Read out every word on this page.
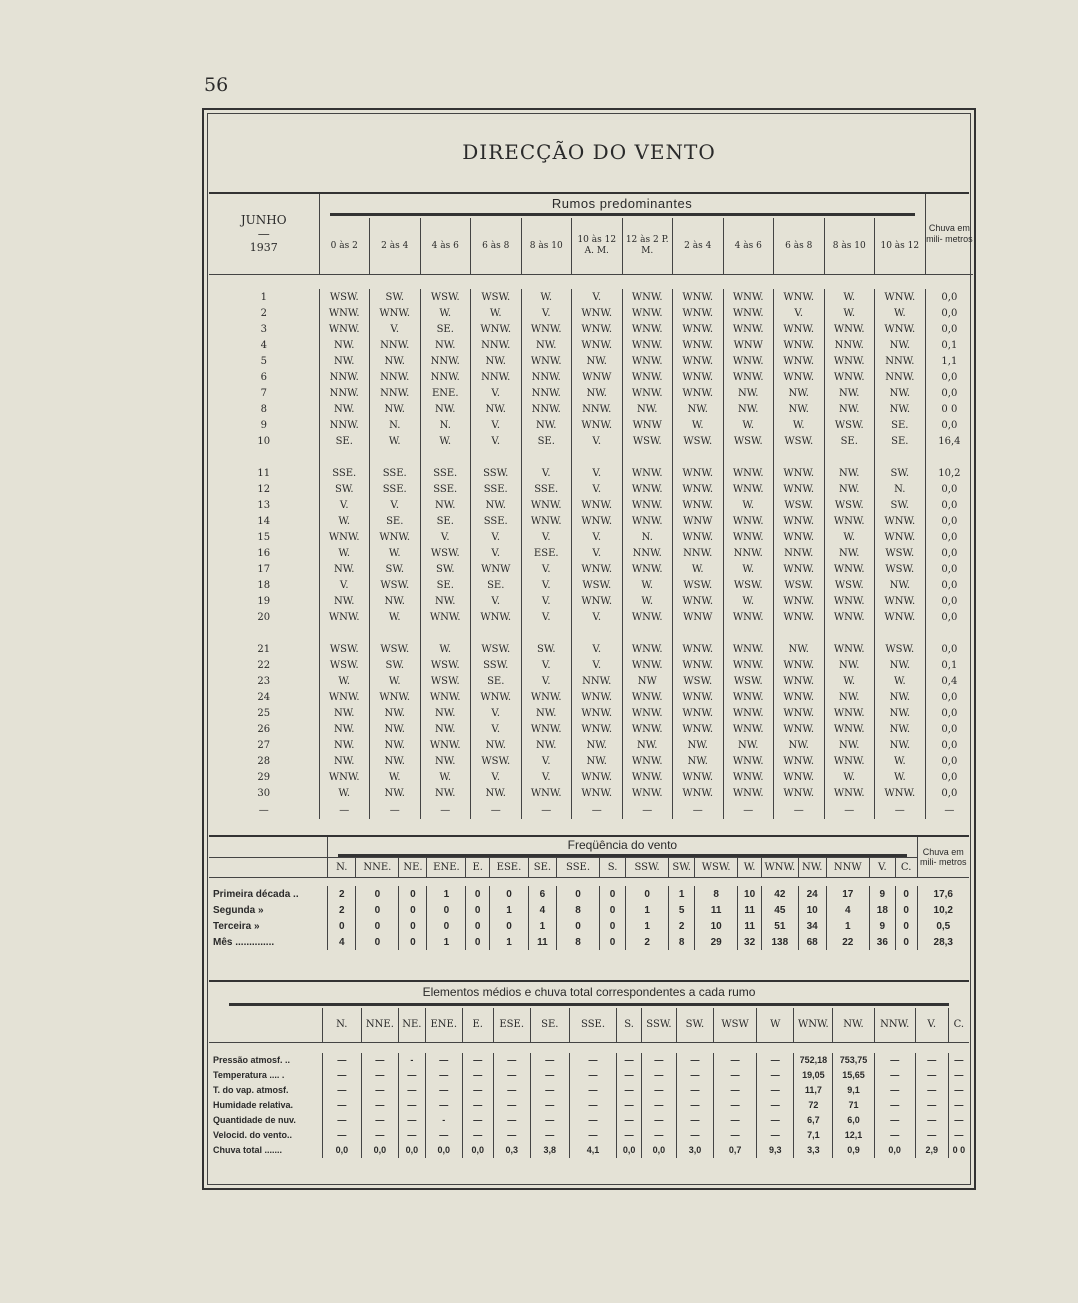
56
DIRECÇÃO DO VENTO
JUNHO
—
1937	Rumos predominantes												Chuva em mili- metros
	0 às 2	2 às 4	4 às 6	6 às 8	8 às 10	10 às 12 A. M.	12 às 2 P. M.	2 às 4	4 às 6	6 às 8	8 às 10	10 às 12	

1	WSW.	SW.	WSW.	WSW.	W.	V.	WNW.	WNW.	WNW.	WNW.	W.	WNW.	0,0
2	WNW.	WNW.	W.	W.	V.	WNW.	WNW.	WNW.	WNW.	V.	W.	W.	0,0
3	WNW.	V.	SE.	WNW.	WNW.	WNW.	WNW.	WNW.	WNW.	WNW.	WNW.	WNW.	0,0
4	NW.	NNW.	NW.	NNW.	NW.	WNW.	WNW.	WNW.	WNW	WNW.	NNW.	NW.	0,1
5	NW.	NW.	NNW.	NW.	WNW.	NW.	WNW.	WNW.	WNW.	WNW.	WNW.	NNW.	1,1
6	NNW.	NNW.	NNW.	NNW.	NNW.	WNW	WNW.	WNW.	WNW.	WNW.	WNW.	NNW.	0,0
7	NNW.	NNW.	ENE.	V.	NNW.	NW.	WNW.	WNW.	NW.	NW.	NW.	NW.	0,0
8	NW.	NW.	NW.	NW.	NNW.	NNW.	NW.	NW.	NW.	NW.	NW.	NW.	0 0
9	NNW.	N.	N.	V.	NW.	WNW.	WNW	W.	W.	W.	WSW.	SE.	0,0
10	SE.	W.	W.	V.	SE.	V.	WSW.	WSW.	WSW.	WSW.	SE.	SE.	16,4

11	SSE.	SSE.	SSE.	SSW.	V.	V.	WNW.	WNW.	WNW.	WNW.	NW.	SW.	10,2
12	SW.	SSE.	SSE.	SSE.	SSE.	V.	WNW.	WNW.	WNW.	WNW.	NW.	N.	0,0
13	V.	V.	NW.	NW.	WNW.	WNW.	WNW.	WNW.	W.	WSW.	WSW.	SW.	0,0
14	W.	SE.	SE.	SSE.	WNW.	WNW.	WNW.	WNW	WNW.	WNW.	WNW.	WNW.	0,0
15	WNW.	WNW.	V.	V.	V.	V.	N.	WNW.	WNW.	WNW.	W.	WNW.	0,0
16	W.	W.	WSW.	V.	ESE.	V.	NNW.	NNW.	NNW.	NNW.	NW.	WSW.	0,0
17	NW.	SW.	SW.	WNW	V.	WNW.	WNW.	W.	W.	WNW.	WNW.	WSW.	0,0
18	V.	WSW.	SE.	SE.	V.	WSW.	W.	WSW.	WSW.	WSW.	WSW.	NW.	0,0
19	NW.	NW.	NW.	V.	V.	WNW.	W.	WNW.	W.	WNW.	WNW.	WNW.	0,0
20	WNW.	W.	WNW.	WNW.	V.	V.	WNW.	WNW	WNW.	WNW.	WNW.	WNW.	0,0

21	WSW.	WSW.	W.	WSW.	SW.	V.	WNW.	WNW.	WNW.	NW.	WNW.	WSW.	0,0
22	WSW.	SW.	WSW.	SSW.	V.	V.	WNW.	WNW.	WNW.	WNW.	NW.	NW.	0,1
23	W.	W.	WSW.	SE.	V.	NNW.	NW	WSW.	WSW.	WNW.	W.	W.	0,4
24	WNW.	WNW.	WNW.	WNW.	WNW.	WNW.	WNW.	WNW.	WNW.	WNW.	NW.	NW.	0,0
25	NW.	NW.	NW.	V.	NW.	WNW.	WNW.	WNW.	WNW.	WNW.	WNW.	NW.	0,0
26	NW.	NW.	NW.	V.	WNW.	WNW.	WNW.	WNW.	WNW.	WNW.	WNW.	NW.	0,0
27	NW.	NW.	WNW.	NW.	NW.	NW.	NW.	NW.	NW.	NW.	NW.	NW.	0,0
28	NW.	NW.	NW.	WSW.	V.	NW.	WNW.	NW.	WNW.	WNW.	WNW.	W.	0,0
29	WNW.	W.	W.	V.	V.	WNW.	WNW.	WNW.	WNW.	WNW.	W.	W.	0,0
30	W.	NW.	NW.	NW.	WNW.	WNW.	WNW.	WNW.	WNW.	WNW.	WNW.	WNW.	0,0
—	—	—	—	—	—	—	—	—	—	—	—	—	—

	Freqüência do vento																		Chuva em mili- metros
	N.	NNE.	NE.	ENE.	E.	ESE.	SE.	SSE.	S.	SSW.	SW.	WSW.	W.	WNW.	NW.	NNW	V.	C.	

Primeira década ..	2	0	0	1	0	0	6	0	0	0	1	8	10	42	24	17	9	0	17,6
Segunda »	2	0	0	0	0	1	4	8	0	1	5	11	11	45	10	4	18	0	10,2
Terceira »	0	0	0	0	0	0	1	0	0	1	2	10	11	51	34	1	9	0	0,5
Mês ..............	4	0	0	1	0	1	11	8	0	2	8	29	32	138	68	22	36	0	28,3

Elementos médios e chuva total correspondentes a cada rumo																		

	N.	NNE.	NE.	ENE.	E.	ESE.	SE.	SSE.	S.	SSW.	SW.	WSW	W	WNW.	NW.	NNW.	V.	C.

Pressão atmosf. ..	—	—	-	—	—	—	—	—	—	—	—	—	—	752,18	753,75	—	—	—
Temperatura .... .	—	—	—	—	—	—	—	—	—	—	—	—	—	19,05	15,65	—	—	—
T. do vap. atmosf.	—	—	—	—	—	—	—	—	—	—	—	—	—	11,7	9,1	—	—	—
Humidade relativa.	—	—	—	—	—	—	—	—	—	—	—	—	—	72	71	—	—	—
Quantidade de nuv.	—	—	—	-	—	—	—	—	—	—	—	—	—	6,7	6,0	—	—	—
Velocid. do vento..	—	—	—	—	—	—	—	—	—	—	—	—	—	7,1	12,1	—	—	—
Chuva total .......	0,0	0,0	0,0	0,0	0,0	0,3	3,8	4,1	0,0	0,0	3,0	0,7	9,3	3,3	0,9	0,0	2,9	0 0
